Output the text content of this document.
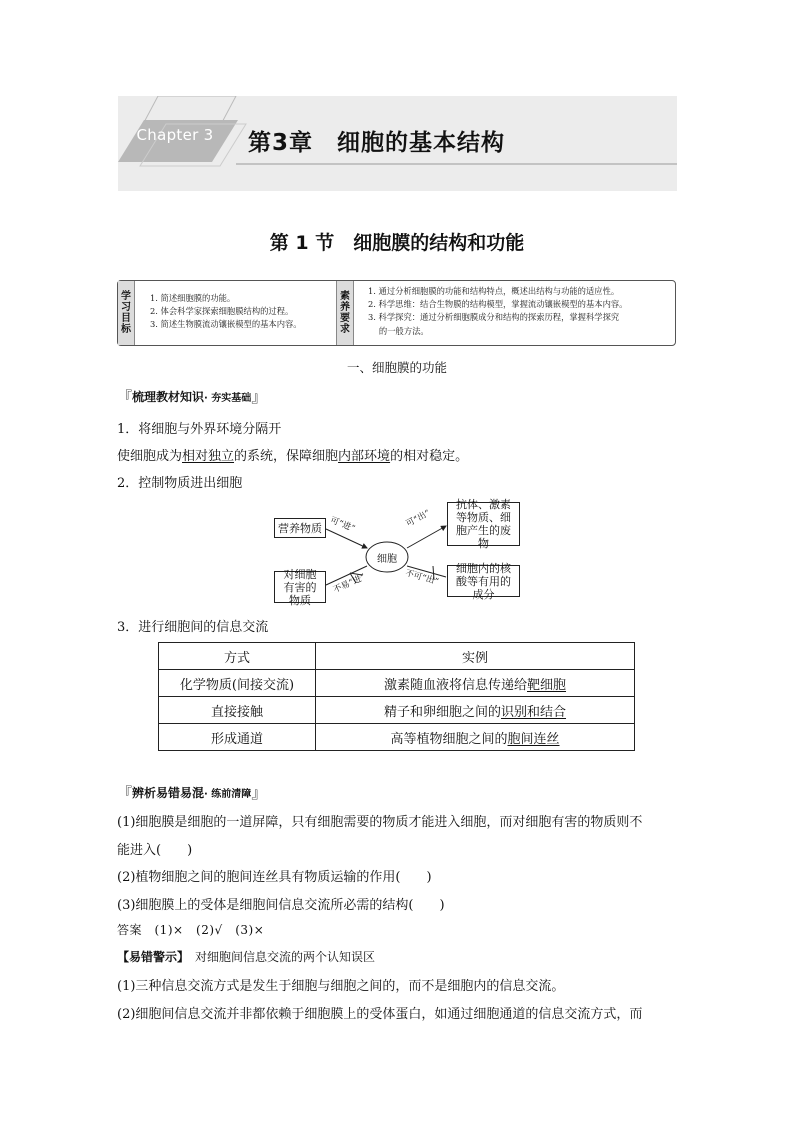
Chapter 3 第3章　细胞的基本结构
第 1 节　细胞膜的结构和功能
学
习
目
标
1. 简述细胞膜的功能。
2. 体会科学家探索细胞膜结构的过程。
3. 简述生物膜流动镶嵌模型的基本内容。
素
养
要
求
1. 通过分析细胞膜的功能和结构特点，概述出结构与功能的适应性。
2. 科学思维：结合生物膜的结构模型，掌握流动镶嵌模型的基本内容。
3. 科学探究：通过分析细胞膜成分和结构的探索历程，掌握科学探究
　 的一般方法。
一、细胞膜的功能
『梳理教材知识· 夯实基础』
1．将细胞与外界环境分隔开
使细胞成为相对独立的系统，保障细胞内部环境的相对稳定。
2．控制物质进出细胞
细胞
营养物质
对细胞有害的物质
抗体、激素等物质、细胞产生的废物
细胞内的核酸等有用的成分
可“进”
不易“进”
可“出”
不可“出”
3．进行细胞间的信息交流
方式	实例
化学物质(间接交流)	激素随血液将信息传递给靶细胞
直接接触	精子和卵细胞之间的识别和结合
形成通道	高等植物细胞之间的胞间连丝
『辨析易错易混· 练前清障』
(1)细胞膜是细胞的一道屏障，只有细胞需要的物质才能进入细胞，而对细胞有害的物质则不
能进入(　　)
(2)植物细胞之间的胞间连丝具有物质运输的作用(　　)
(3)细胞膜上的受体是细胞间信息交流所必需的结构(　　)
答案　(1)×　(2)√　(3)×
【易错警示】 对细胞间信息交流的两个认知误区
(1)三种信息交流方式是发生于细胞与细胞之间的，而不是细胞内的信息交流。
(2)细胞间信息交流并非都依赖于细胞膜上的受体蛋白，如通过细胞通道的信息交流方式，而
